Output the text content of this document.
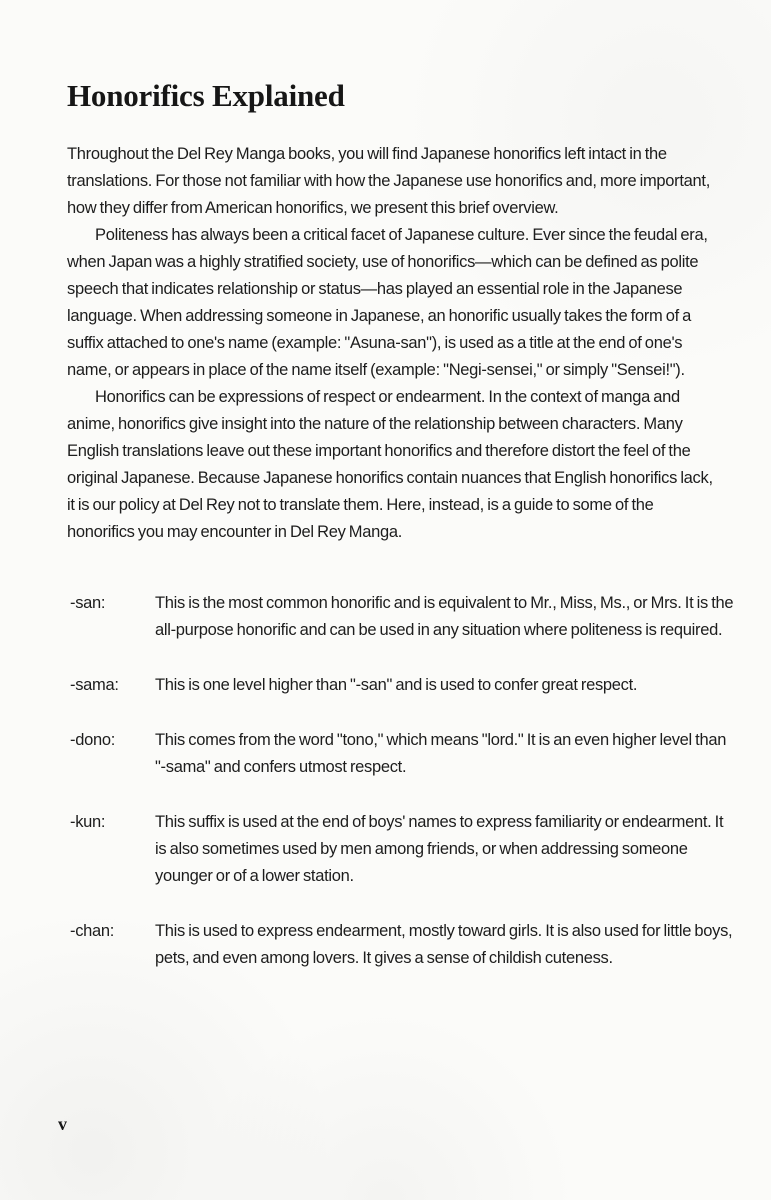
Honorifics Explained

Throughout the Del Rey Manga books, you will find Japanese honorifics left intact in the translations. For those not familiar with how the Japanese use honorifics and, more important, how they differ from American honorifics, we present this brief overview.

Politeness has always been a critical facet of Japanese culture. Ever since the feudal era, when Japan was a highly stratified society, use of honorifics—which can be defined as polite speech that indicates relationship or status—has played an essential role in the Japanese language. When addressing someone in Japanese, an honorific usually takes the form of a suffix attached to one's name (example: "Asuna-san"), is used as a title at the end of one's name, or appears in place of the name itself (example: "Negi-sensei," or simply "Sensei!").

Honorifics can be expressions of respect or endearment. In the context of manga and anime, honorifics give insight into the nature of the relationship between characters. Many English translations leave out these important honorifics and therefore distort the feel of the original Japanese. Because Japanese honorifics contain nuances that English honorifics lack, it is our policy at Del Rey not to translate them. Here, instead, is a guide to some of the honorifics you may encounter in Del Rey Manga.

-san:	This is the most common honorific and is equivalent to Mr., Miss, Ms., or Mrs. It is the all-purpose honorific and can be used in any situation where politeness is required.
-sama:	This is one level higher than "-san" and is used to confer great respect.
-dono:	This comes from the word "tono," which means "lord." It is an even higher level than "-sama" and confers utmost respect.
-kun:	This suffix is used at the end of boys' names to express familiarity or endearment. It is also sometimes used by men among friends, or when addressing someone younger or of a lower station.
-chan:	This is used to express endearment, mostly toward girls. It is also used for little boys, pets, and even among lovers. It gives a sense of childish cuteness.
v
